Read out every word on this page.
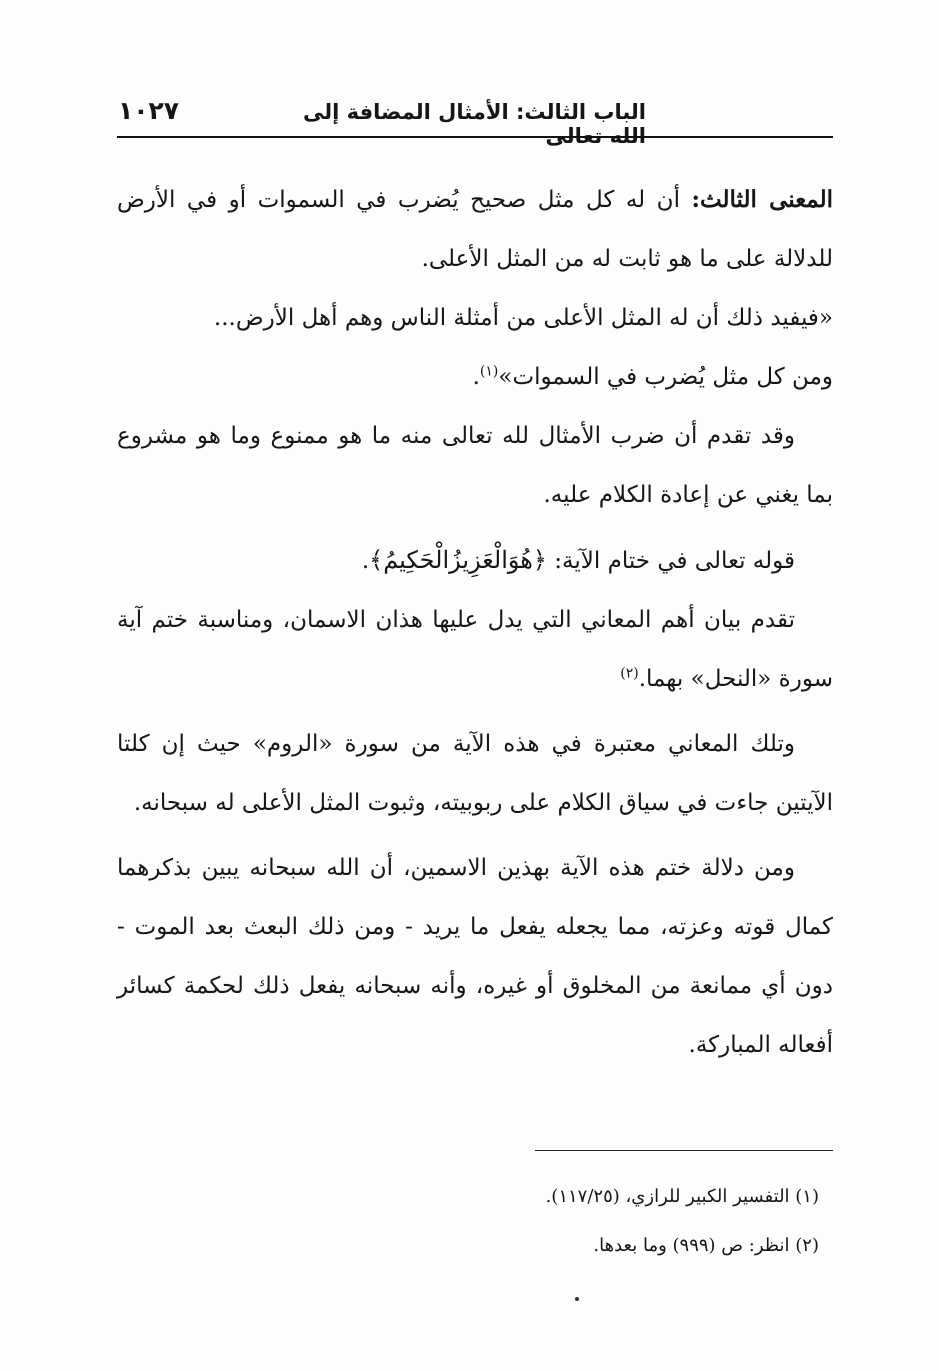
الباب الثالث: الأمثال المضافة إلى الله تعالى
١٠٢٧

المعنى الثالث: أن له كل مثل صحيح يُضرب في السموات أو في الأرض للدلالة على ما هو ثابت له من المثل الأعلى.

«فيفيد ذلك أن له المثل الأعلى من أمثلة الناس وهم أهل الأرض...
ومن كل مثل يُضرب في السموات»$^{(١)}$.

وقد تقدم أن ضرب الأمثال لله تعالى منه ما هو ممنوع وما هو مشروع بما يغني عن إعادة الكلام عليه.

قوله تعالى في ختام الآية: ﴿هُوَالْعَزِيزُالْحَكِيمُ﴾.

تقدم بيان أهم المعاني التي يدل عليها هذان الاسمان، ومناسبة ختم آية سورة «النحل» بهما.$^{(٢)}$

وتلك المعاني معتبرة في هذه الآية من سورة «الروم» حيث إن كلتا الآيتين جاءت في سياق الكلام على ربوبيته، وثبوت المثل الأعلى له سبحانه.

ومن دلالة ختم هذه الآية بهذين الاسمين، أن الله سبحانه يبين بذكرهما كمال قوته وعزته، مما يجعله يفعل ما يريد - ومن ذلك البعث بعد الموت - دون أي ممانعة من المخلوق أو غيره، وأنه سبحانه يفعل ذلك لحكمة كسائر أفعاله المباركة.

(١) التفسير الكبير للرازي، (١١٧/٢٥).

(٢) انظر: ص (٩٩٩) وما بعدها.
